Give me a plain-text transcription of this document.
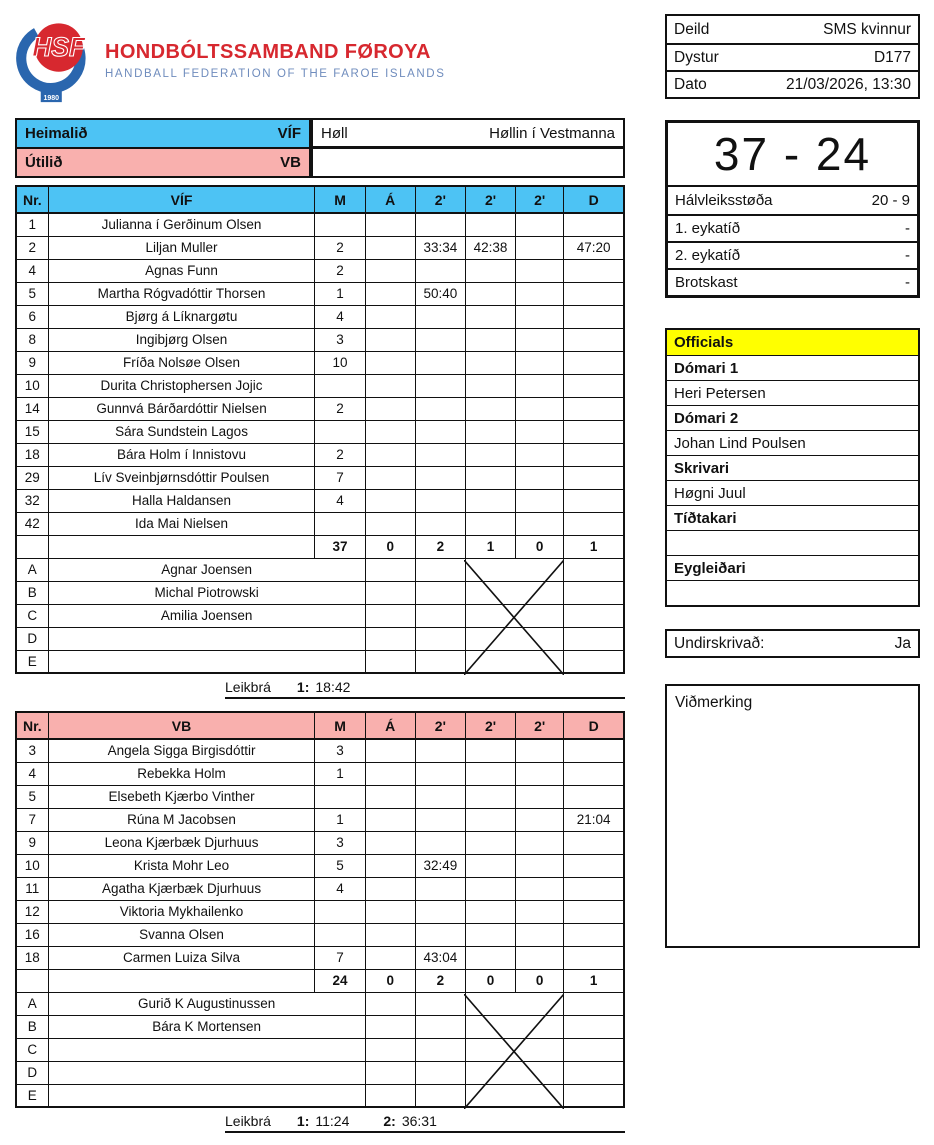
1980
HSF HONDBÓLTSSAMBAND FØROYA
HANDBALL FEDERATION OF THE FAROE ISLANDS
Heimalið	VÍF Høll	Høllin í Vestmanna
Útilið	VB
Nr.	VÍF	M	Á	2'	2'	2'	D
1	Julianna í Gerðinum Olsen						
2	Liljan Muller	2		33:34	42:38		47:20
4	Agnas Funn	2					
5	Martha Rógvadóttir Thorsen	1		50:40			
6	Bjørg á Líknargøtu	4					
8	Ingibjørg Olsen	3					
9	Fríða Nolsøe Olsen	10					
10	Durita Christophersen Jojic						
14	Gunnvá Bárðardóttir Nielsen	2					
15	Sára Sundstein Lagos						
18	Bára Holm í Innistovu	2					
29	Lív Sveinbjørnsdóttir Poulsen	7					
32	Halla Haldansen	4					
42	Ida Mai Nielsen						
		37	0	2	1	0	1
A	Agnar Joensen						
B	Michal Piotrowski						
C	Amilia Joensen						
D							
E							
Leikbrá 1: 18:42
Nr.	VB	M	Á	2'	2'	2'	D
3	Angela Sigga Birgisdóttir	3					
4	Rebekka Holm	1					
5	Elsebeth Kjærbo Vinther						
7	Rúna M Jacobsen	1					21:04
9	Leona Kjærbæk Djurhuus	3					
10	Krista Mohr Leo	5		32:49			
11	Agatha Kjærbæk Djurhuus	4					
12	Viktoria Mykhailenko						
16	Svanna Olsen						
18	Carmen Luiza Silva	7		43:04			
		24	0	2	0	0	1
A	Gurið K Augustinussen						
B	Bára K Mortensen						
C							
D							
E							
Leikbrá 1: 11:24 2: 36:31
Deild	SMS kvinnur
Dystur	D177
Dato	21/03/2026, 13:30
37 - 24
Hálvleiksstøða	20 - 9
1. eykatíð	-
2. eykatíð	-
Brotskast	-
Officials
Dómari 1
Heri Petersen
Dómari 2
Johan Lind Poulsen
Skrivari
Høgni Juul
Tíðtakari
Eygleiðari
Undirskrivað:	Ja
Viðmerking
